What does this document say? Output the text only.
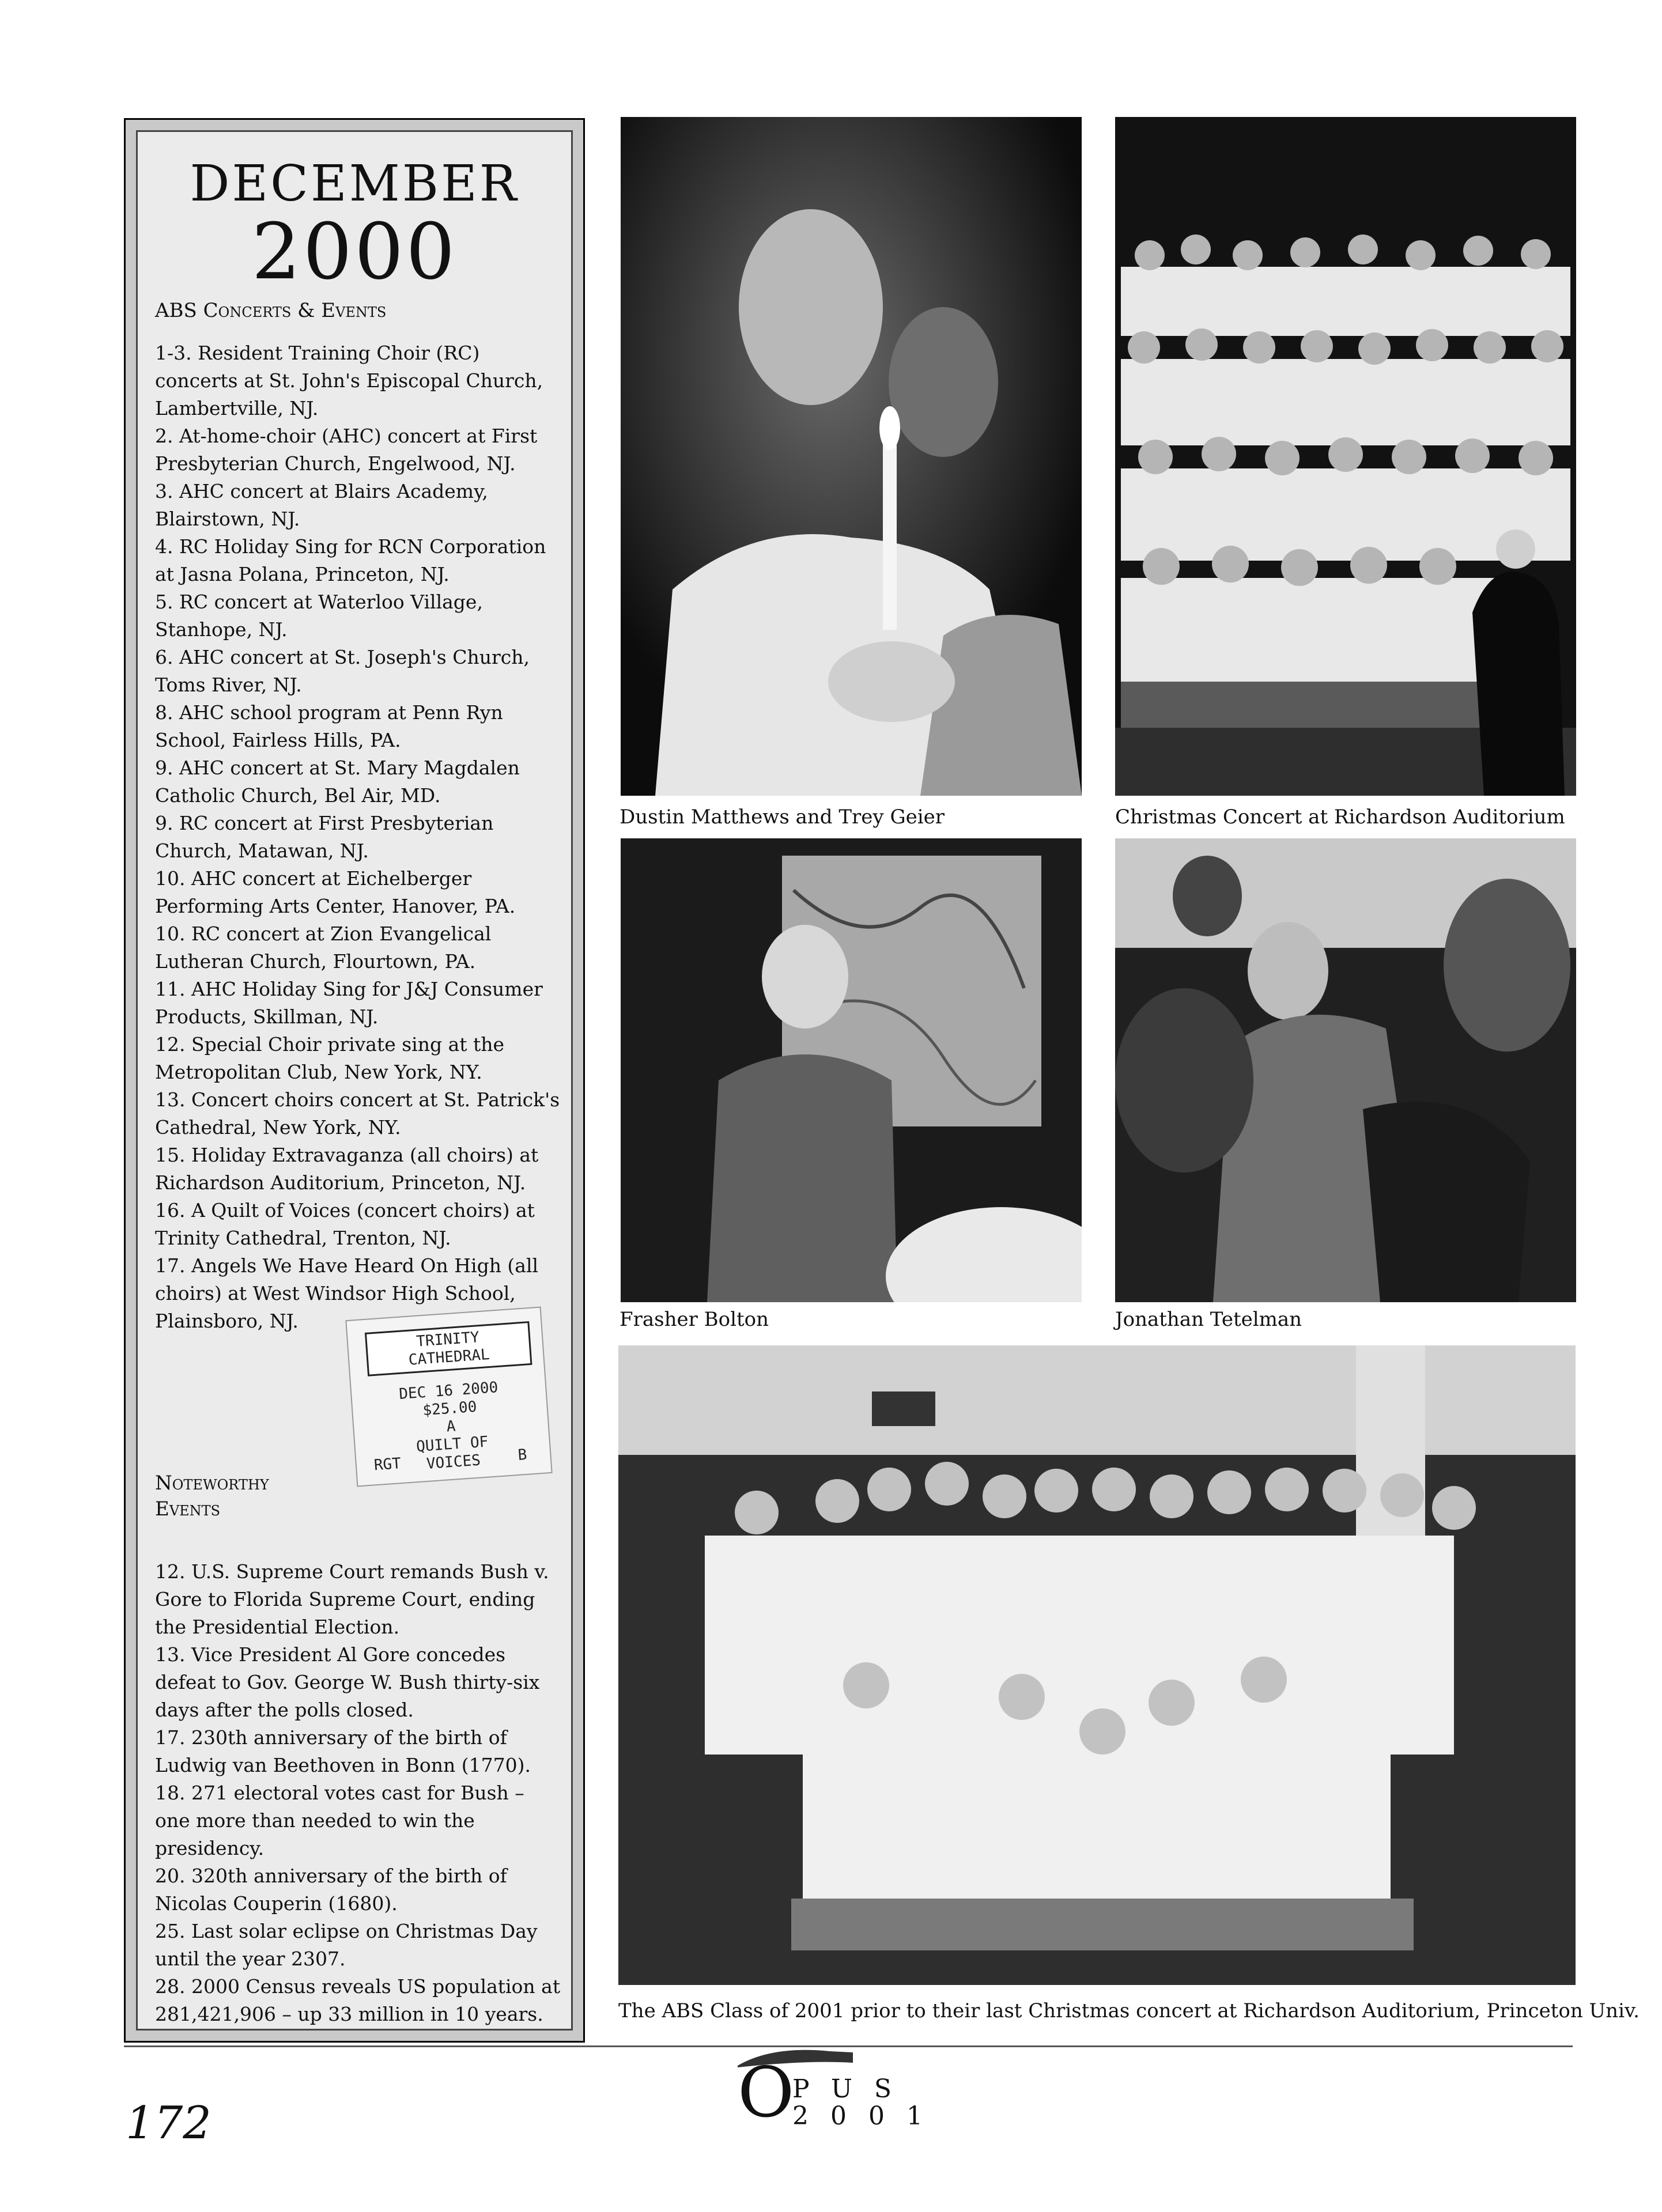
DECEMBER
2000
ABS Concerts & Events
1-3. Resident Training Choir (RC) concerts at St. John's Episcopal Church, Lambertville, NJ.
2. At-home-choir (AHC) concert at First Presbyterian Church, Engelwood, NJ.
3. AHC concert at Blairs Academy, Blairstown, NJ.
4. RC Holiday Sing for RCN Corporation at Jasna Polana, Princeton, NJ.
5. RC concert at Waterloo Village, Stanhope, NJ.
6. AHC concert at St. Joseph's Church, Toms River, NJ.
8. AHC school program at Penn Ryn School, Fairless Hills, PA.
9. AHC concert at St. Mary Magdalen Catholic Church, Bel Air, MD.
9. RC concert at First Presbyterian Church, Matawan, NJ.
10. AHC concert at Eichelberger Performing Arts Center, Hanover, PA.
10. RC concert at Zion Evangelical Lutheran Church, Flourtown, PA.
11. AHC Holiday Sing for J&J Consumer Products, Skillman, NJ.
12. Special Choir private sing at the Metropolitan Club, New York, NY.
13. Concert choirs concert at St. Patrick's Cathedral, New York, NY.
15. Holiday Extravaganza (all choirs) at Richardson Auditorium, Princeton, NJ.
16. A Quilt of Voices (concert choirs) at Trinity Cathedral, Trenton, NJ.
17. Angels We Have Heard On High (all choirs) at West Windsor High School, Plainsboro, NJ.
TRINITY
CATHEDRAL
DEC 16 2000
$25.00
A
QUILT OF
VOICES
RGT	B
Noteworthy
Events
12. U.S. Supreme Court remands Bush v. Gore to Florida Supreme Court, ending the Presidential Election.
13. Vice President Al Gore concedes defeat to Gov. George W. Bush thirty-six days after the polls closed.
17. 230th anniversary of the birth of Ludwig van Beethoven in Bonn (1770).
18. 271 electoral votes cast for Bush – one more than needed to win the presidency.
20. 320th anniversary of the birth of Nicolas Couperin (1680).
25. Last solar eclipse on Christmas Day until the year 2307.
28. 2000 Census reveals US population at 281,421,906 – up 33 million in 10 years.
Dustin Matthews and Trey Geier	Christmas Concert at Richardson Auditorium
Frasher Bolton	Jonathan Tetelman
The ABS Class of 2001 prior to their last Christmas concert at Richardson Auditorium, Princeton Univ.
172	O
PUS
2001
